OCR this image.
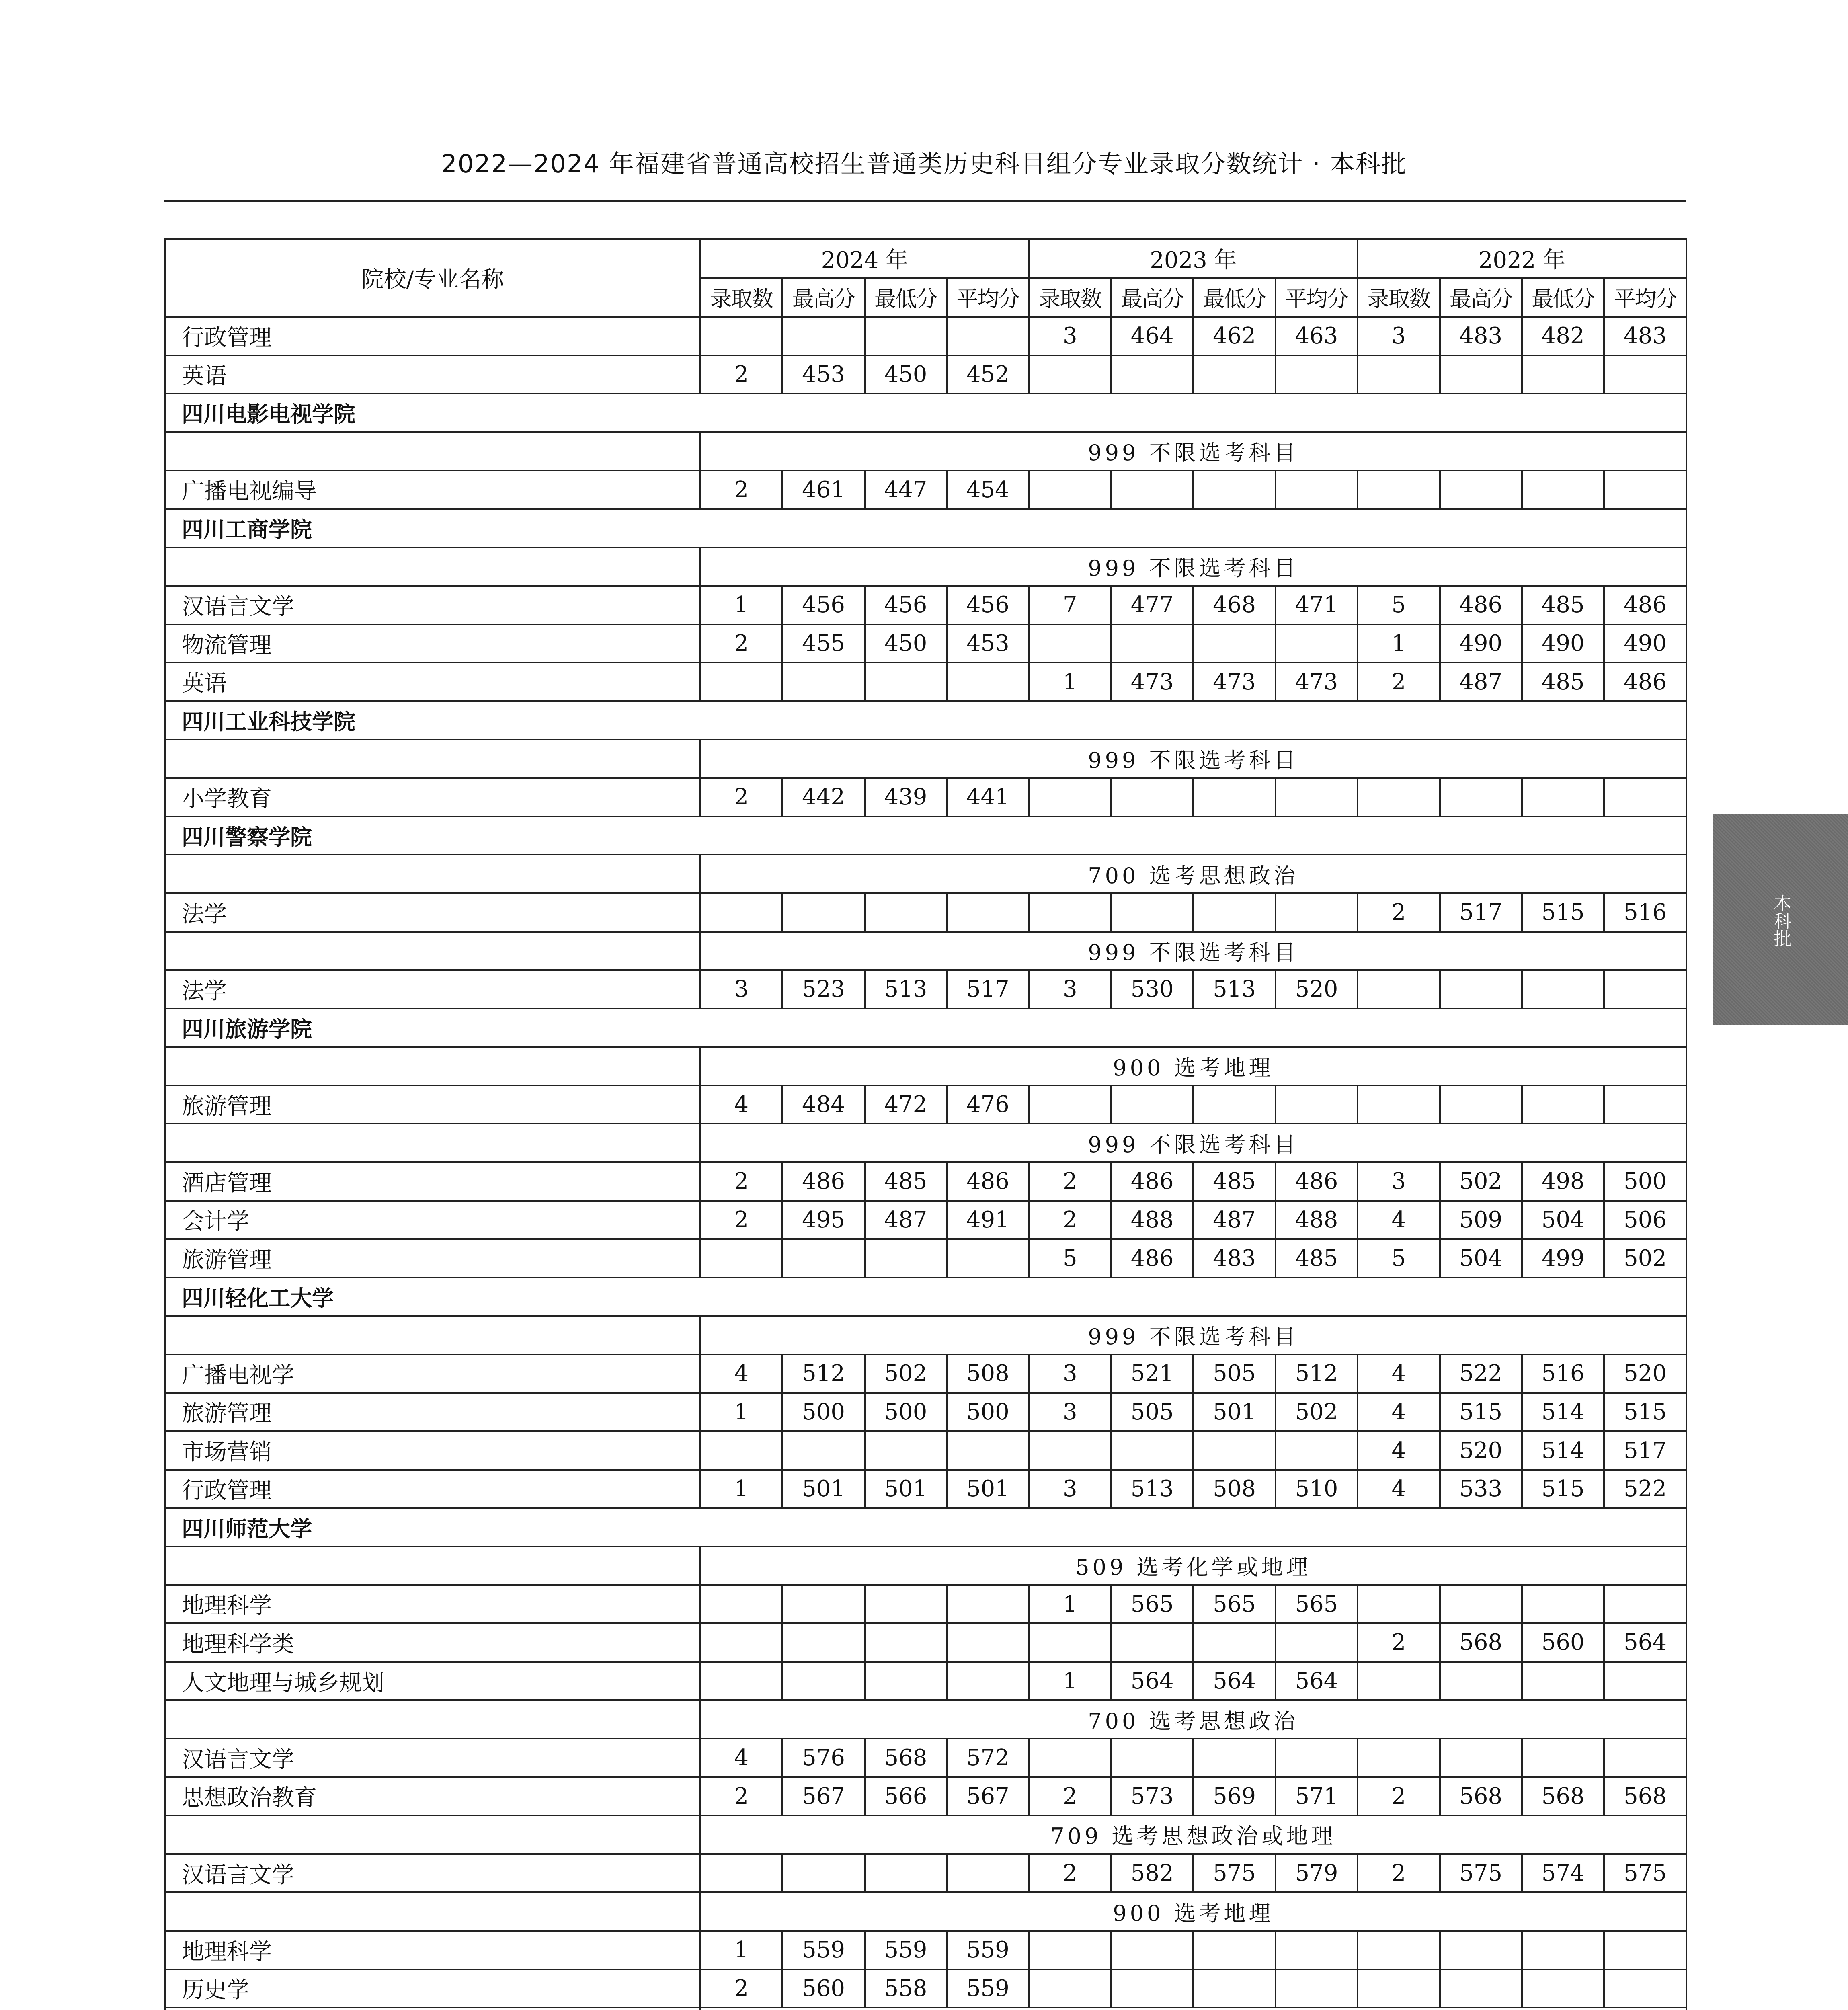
2022—2024 年福建省普通高校招生普通类历史科目组分专业录取分数统计 · 本科批
院校/专业名称	2024 年				2023 年				2022 年			
	录取数	最高分	最低分	平均分	录取数	最高分	最低分	平均分	录取数	最高分	最低分	平均分
行政管理					3	464	462	463	3	483	482	483
英语	2	453	450	452								
四川电影电视学院												
	999 不限选考科目											
广播电视编导	2	461	447	454								
四川工商学院												
	999 不限选考科目											
汉语言文学	1	456	456	456	7	477	468	471	5	486	485	486
物流管理	2	455	450	453					1	490	490	490
英语					1	473	473	473	2	487	485	486
四川工业科技学院												
	999 不限选考科目											
小学教育	2	442	439	441								
四川警察学院												
	700 选考思想政治											
法学									2	517	515	516
	999 不限选考科目											
法学	3	523	513	517	3	530	513	520				
四川旅游学院												
	900 选考地理											
旅游管理	4	484	472	476								
	999 不限选考科目											
酒店管理	2	486	485	486	2	486	485	486	3	502	498	500
会计学	2	495	487	491	2	488	487	488	4	509	504	506
旅游管理					5	486	483	485	5	504	499	502
四川轻化工大学												
	999 不限选考科目											
广播电视学	4	512	502	508	3	521	505	512	4	522	516	520
旅游管理	1	500	500	500	3	505	501	502	4	515	514	515
市场营销									4	520	514	517
行政管理	1	501	501	501	3	513	508	510	4	533	515	522
四川师范大学												
	509 选考化学或地理											
地理科学					1	565	565	565				
地理科学类									2	568	560	564
人文地理与城乡规划					1	564	564	564				
	700 选考思想政治											
汉语言文学	4	576	568	572								
思想政治教育	2	567	566	567	2	573	569	571	2	568	568	568
	709 选考思想政治或地理											
汉语言文学					2	582	575	579	2	575	574	575
	900 选考地理											
地理科学	1	559	559	559								
历史学	2	560	558	559								

本科批
